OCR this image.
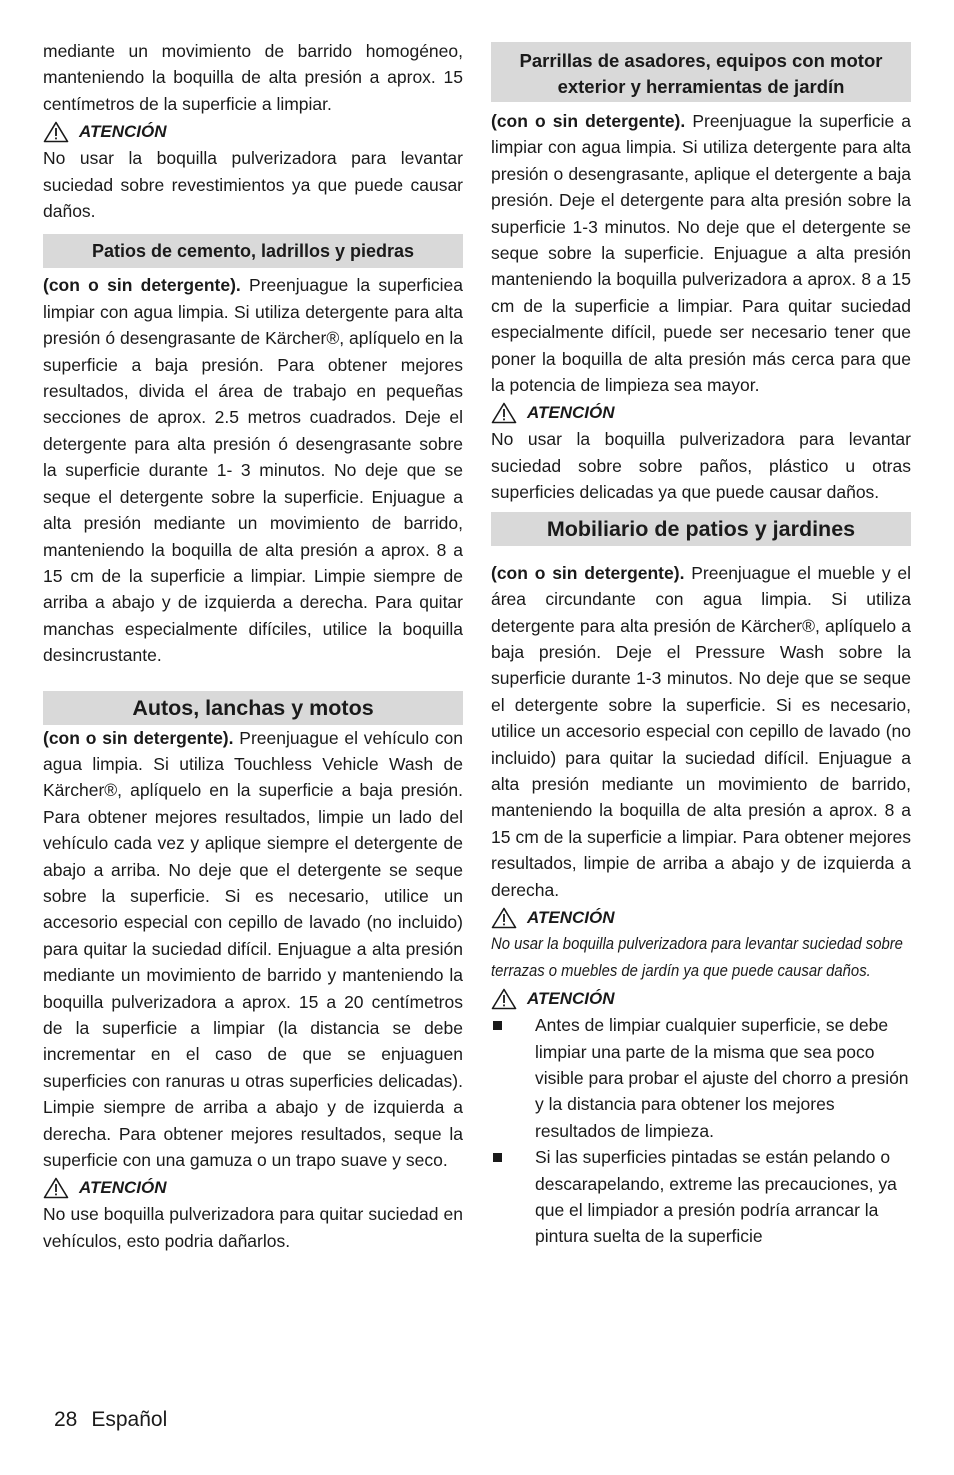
mediante un movimiento de barrido homogéneo, manteniendo la boquilla de alta presión a aprox. 15 centímetros de la superficie a limpiar.

ATENCIÓN

No usar la boquilla pulverizadora para levantar suciedad sobre revestimientos ya que puede causar daños.

Patios de cemento, ladrillos y piedras

(con o sin detergente). Preenjuague la superficiea limpiar con agua limpia. Si utiliza detergente para alta presión ó desengrasante de Kärcher®, aplíquelo en la superficie a baja presión. Para obtener mejores resultados, divida el área de trabajo en pequeñas secciones de aprox. 2.5 metros cuadrados. Deje el detergente para alta presión ó desengrasante sobre la superficie durante 1- 3 minutos. No deje que se seque el detergente sobre la superficie. Enjuague a alta presión mediante un movimiento de barrido, manteniendo la boquilla de alta presión a aprox. 8 a 15 cm de la superficie a limpiar. Limpie siempre de arriba a abajo y de izquierda a derecha. Para quitar manchas especialmente difíciles, utilice la boquilla desincrustante.

Autos, lanchas y motos

(con o sin detergente). Preenjuague el vehículo con agua limpia. Si utiliza Touchless Vehicle Wash de Kärcher®, aplíquelo en la superficie a baja presión. Para obtener mejores resultados, limpie un lado del vehículo cada vez y aplique siempre el detergente de abajo a arriba. No deje que el detergente se seque sobre la superficie. Si es necesario, utilice un accesorio especial con cepillo de lavado (no incluido) para quitar la suciedad difícil. Enjuague a alta presión mediante un movimiento de barrido y manteniendo la boquilla pulverizadora a aprox. 15 a 20 centímetros de la superficie a limpiar (la distancia se debe incrementar en el caso de que se enjuaguen superficies con ranuras u otras superficies delicadas). Limpie siempre de arriba a abajo y de izquierda a derecha. Para obtener mejores resultados, seque la superficie con una gamuza o un trapo suave y seco.

ATENCIÓN

No use boquilla pulverizadora para quitar suciedad en vehículos, esto podria dañarlos.

Parrillas de asadores, equipos con motor exterior y herramientas de jardín

(con o sin detergente). Preenjuague la superficie a limpiar con agua limpia. Si utiliza detergente para alta presión o desengrasante, aplique el detergente a baja presión. Deje el detergente para alta presión sobre la superficie 1-3 minutos. No deje que el detergente se seque sobre la superficie. Enjuague a alta presión manteniendo la boquilla pulverizadora a aprox. 8 a 15 cm de la superficie a limpiar. Para quitar suciedad especialmente difícil, puede ser necesario tener que poner la boquilla de alta presión más cerca para que la potencia de limpieza sea mayor.

ATENCIÓN

No usar la boquilla pulverizadora para levantar suciedad sobre sobre paños, plástico u otras superficies delicadas ya que puede causar daños.

Mobiliario de patios y jardines

(con o sin detergente). Preenjuague el mueble y el área circundante con agua limpia. Si utiliza detergente para alta presión de Kärcher®, aplíquelo a baja presión. Deje el Pressure Wash sobre la superficie durante 1-3 minutos. No deje que se seque el detergente sobre la superficie. Si es necesario, utilice un accesorio especial con cepillo de lavado (no incluido) para quitar la suciedad difícil. Enjuague a alta presión mediante un movimiento de barrido, manteniendo la boquilla de alta presión a aprox. 8 a 15 cm de la superficie a limpiar. Para obtener mejores resultados, limpie de arriba a abajo y de izquierda a derecha.

ATENCIÓN

No usar la boquilla pulverizadora para levantar suciedad sobre terrazas o muebles de jardín ya que puede causar daños.

ATENCIÓN
Antes de limpiar cualquier superficie, se debe limpiar una parte de la misma que sea poco visible para probar el ajuste del chorro a presión y la distancia para obtener los mejores resultados de limpieza.
Si las superficies pintadas se están pelando o descarapelando, extreme las precauciones, ya que el limpiador a presión podría arrancar la pintura suelta de la superficie
28 Español
